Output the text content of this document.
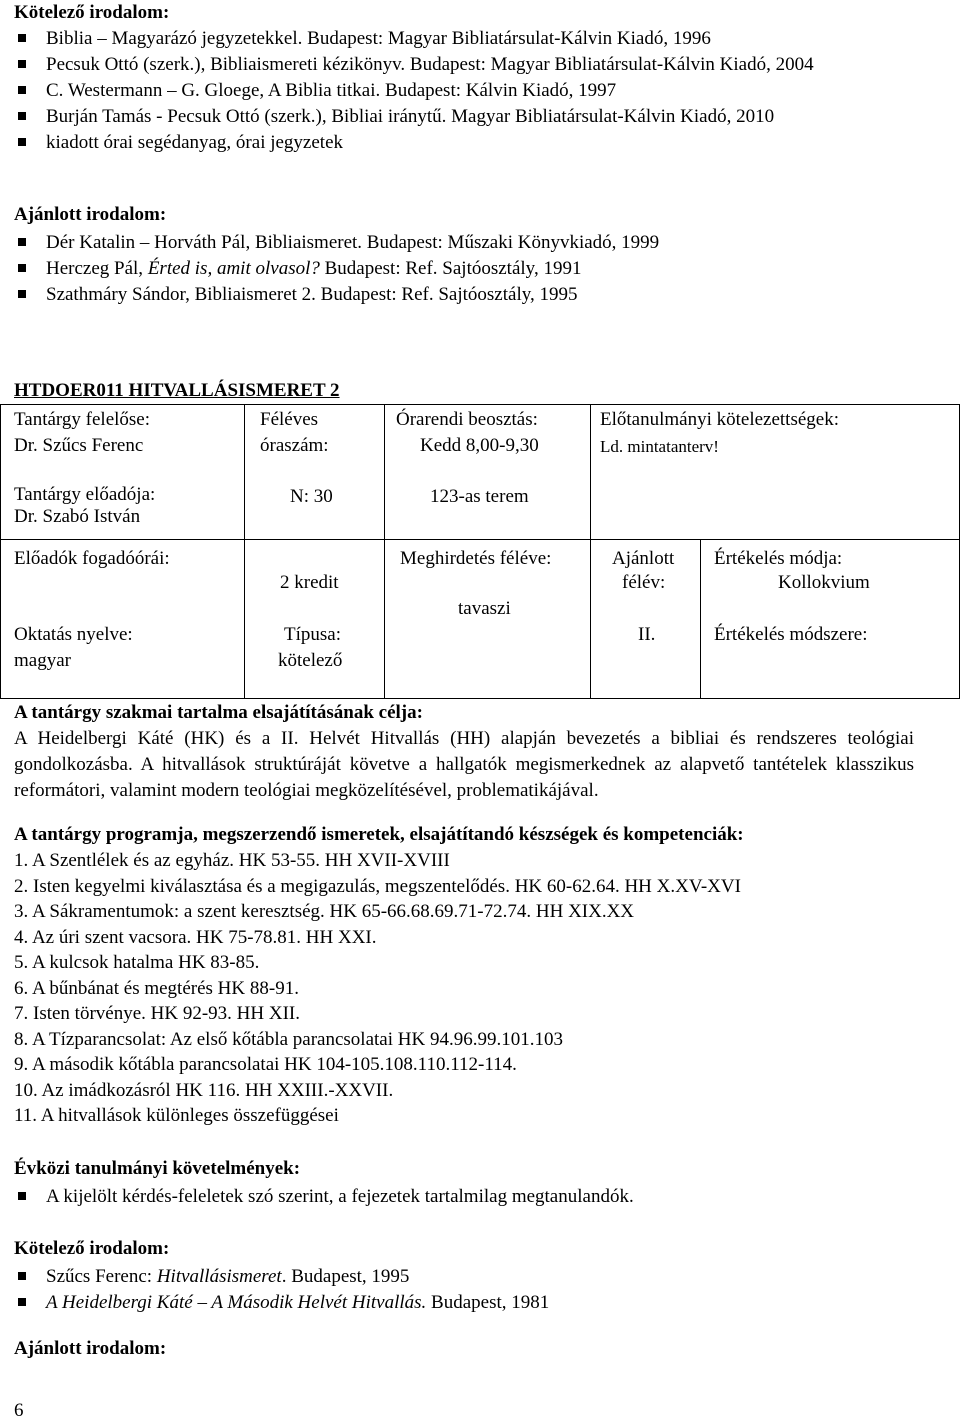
Kötelező irodalom:
Biblia – Magyarázó jegyzetekkel. Budapest: Magyar Bibliatársulat-Kálvin Kiadó, 1996
Pecsuk Ottó (szerk.), Bibliaismereti kézikönyv. Budapest: Magyar Bibliatársulat-Kálvin Kiadó, 2004
C. Westermann – G. Gloege, A Biblia titkai. Budapest: Kálvin Kiadó, 1997
Burján Tamás - Pecsuk Ottó (szerk.), Bibliai iránytű. Magyar Bibliatársulat-Kálvin Kiadó, 2010
kiadott órai segédanyag, órai jegyzetek
Ajánlott irodalom:
Dér Katalin – Horváth Pál, Bibliaismeret. Budapest: Műszaki Könyvkiadó, 1999
Herczeg Pál, Érted is, amit olvasol? Budapest: Ref. Sajtóosztály, 1991
Szathmáry Sándor, Bibliaismeret 2. Budapest: Ref. Sajtóosztály, 1995
HTDOER011 HITVALLÁSISMERET 2
Tantárgy felelőse:
Dr. Szűcs Ferenc
Féléves
óraszám:
Órarendi beosztás:
Kedd 8,00-9,30
Előtanulmányi kötelezettségek:
Ld. mintatanterv!
Tantárgy előadója:
Dr. Szabó István
N: 30	123-as terem
Előadók fogadóórái:
2 kredit
Meghirdetés féléve:
tavaszi
Ajánlott
félév:
II.
Értékelés módja:
Kollokvium
Oktatás nyelve:
magyar
Típusa:
kötelező
Értékelés módszere:
A tantárgy szakmai tartalma elsajátításának célja:
A Heidelbergi Káté (HK) és a II. Helvét Hitvallás (HH) alapján bevezetés a bibliai és rendszeres teológiai gondolkozásba. A hitvallások struktúráját követve a hallgatók megismerkednek az alapvető tantételek klasszikus reformátori, valamint modern teológiai megközelítésével, problematikájával.
A tantárgy programja, megszerzendő ismeretek, elsajátítandó készségek és kompetenciák:
1. A Szentlélek és az egyház. HK 53-55. HH XVII-XVIII
2. Isten kegyelmi kiválasztása és a megigazulás, megszentelődés. HK 60-62.64. HH X.XV-XVI
3. A Sákramentumok: a szent keresztség. HK 65-66.68.69.71-72.74. HH XIX.XX
4. Az úri szent vacsora. HK 75-78.81. HH XXI.
5. A kulcsok hatalma HK 83-85.
6. A bűnbánat és megtérés HK 88-91.
7. Isten törvénye. HK 92-93. HH XII.
8. A Tízparancsolat: Az első kőtábla parancsolatai HK 94.96.99.101.103
9. A második kőtábla parancsolatai HK 104-105.108.110.112-114.
10. Az imádkozásról HK 116. HH XXIII.-XXVII.
11. A hitvallások különleges összefüggései
Évközi tanulmányi követelmények:
A kijelölt kérdés-feleletek szó szerint, a fejezetek tartalmilag megtanulandók.
Kötelező irodalom:
Szűcs Ferenc: Hitvallásismeret. Budapest, 1995
A Heidelbergi Káté – A Második Helvét Hitvallás. Budapest, 1981
Ajánlott irodalom:
6
